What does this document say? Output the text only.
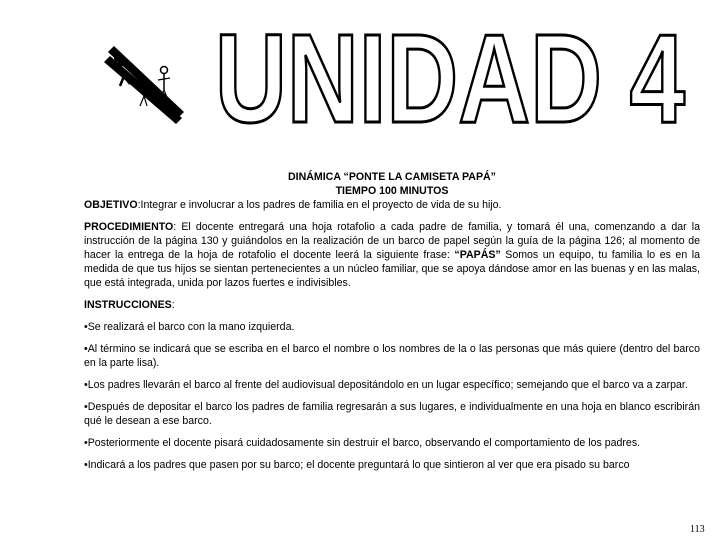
UNIDAD 4

DINÁMICA “PONTE LA CAMISETA PAPÁ”

TIEMPO 100 MINUTOS

OBJETIVO:Integrar e involucrar a los padres de familia en el proyecto de vida de su hijo.

PROCEDIMIENTO: El docente entregará una hoja rotafolio a cada padre de familia, y tomará él una, comenzando a dar la instrucción de la página 130 y guiándolos en la realización de un barco de papel según la guía de la página 126; al momento de hacer la entrega de la hoja de rotafolio el docente leerá la siguiente frase: “PAPÁS” Somos un equipo, tu familia lo es en la medida de que tus hijos se sientan pertenecientes a un núcleo familiar, que se apoya dándose amor en las buenas y en las malas, que está integrada, unida por lazos fuertes e indivisibles.

INSTRUCCIONES:

•Se realizará el barco con la mano izquierda.

•Al término se indicará que se escriba en el barco el nombre o los nombres de la o las personas que más quiere (dentro del barco en la parte lisa).

•Los padres llevarán el barco al frente del audiovisual depositándolo en un lugar específico; semejando que el barco va a zarpar.

•Después de depositar el barco los padres de familia regresarán a sus lugares, e individualmente en una hoja en blanco escribirán qué le desean a ese barco.

•Posteriormente el docente pisará cuidadosamente sin destruir el barco, observando el comportamiento de los padres.

•Indicará a los padres que pasen por su barco; el docente preguntará lo que sintieron al ver que era pisado su barco

113
